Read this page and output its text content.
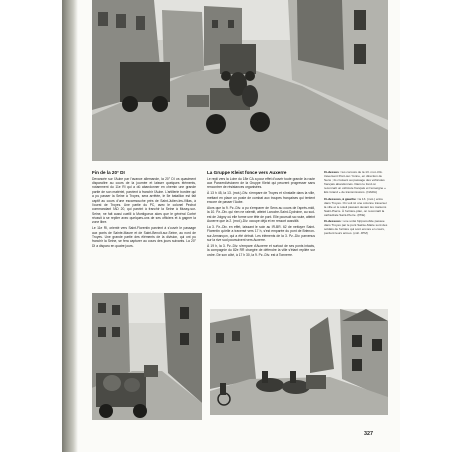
Fin de la 20° DI

Devancée sur l'Aube par l'avance allemande, la 20° DI va quasiment disparaître au cours de la journée et laisser quelques éléments, notamment du 11e RI qui a dû abandonner en chemin une grande partie de son matériel, parvient à franchir l'Aube. L'artillerie bordée qui a pu passer la Seine à Troyes, sera arrêtée, le 5e bataillon est fait captif au cours d'une escarmouche près de Saint-Julien-les-Villas, à l'ouest de Troyes. Une partie du PC, avec le colonel Pechot commandant l'AD 20, qui parvint à franchir la Seine à Mussy-sur-Seine, ne fait aussi cueilli à Montigueux alors que le général Corbé réussit à se replier avec quelques-uns de ses officiers et à gagner la zone libre.

Le 11e RI, orienté vers Saint-Florentin parvient à s'ouvrir le passage aux ponts de Sainte-Maure et de Saint-Benoît-sur-Seine, au nord de Troyes. Une grande partie des éléments de la division, qui ont pu franchir la Seine, se fera capturer au cours des jours suivants. La 20° DI a disparu en quatre jours.

La Gruppe Kleist fonce vers Auxerre

Le repli vers la Loire du 18e CA a pour effet d'ouvrir toute grande la route aux Panzerdivisionen de la Gruppe Kleist qui peuvent progresser sans rencontrer de résistances organisées.

À 13 h 45, la 13. (mot.)-Div. s'empare de Troyes et s'installe dans la ville, mettant en place un poste de combat aux troupes françaises qui tentent encore de passer l'Aube.

Alors que la 9. Pz.-Div. a pu s'emparer de Sens au cours de l'après-midi, la 10. Pz.-Div. qui rien ne ralentit, atteint Laroche-Saint-Cydroine, au sud-est de Joigny où elle forme une tête de pont. Elle poursuit sa route, atteint Auxerre que la 2. (mot.)-Div. occupe déjà et en ressort aussitôt.

La 3. Pz.-Div. en effet, laissant le soin au IR-BR. 62 de nettoyer Saint-Florentin qu'elle a traversé vers 17 h, s'est emparée du pont de Brienon-sur-Armançon, qui a été détruit. Les éléments de la 3. Pz.-Div. parvenus sur la rive sud poursuivent vers Auxerre.

À 19 h, la 3. Pz.-Div. s'empare d'Auxerre et surtout de ses ponts intacts, la compagnie du 82e RR chargée de défendre la ville s'étant repliée sur ordre. De son côté, à 17 h 30, la 9. Pz.-Div. est à Tonnerre.

Ci-dessus : les convois de la 13. mot.-Div. traversent Pont-sur-Yonne, en direction de Sens ; ils croisent au passage des véhicules français abandonnés. Dans le fond on reconnaît un véhicule français et l'enseigne « Ets Grand » de transmissions. (NARA)

Ci-dessous, à gauche : la 13. (mot.) entre dans Troyes. On voit ici une colonne traverser la ville et le soleil passant devant les maisons Saint-Pierre. À l'arrière-plan, on reconnaît la cathédrale Saint-Pierre. (PhE)

Ci-dessous : une unité hippomobile passée dans Troyes par le pont Sainte-Marie sont des soldats de l'arrière qui sont encore en cours, perdent leurs armes. (coll. JPM)

327
